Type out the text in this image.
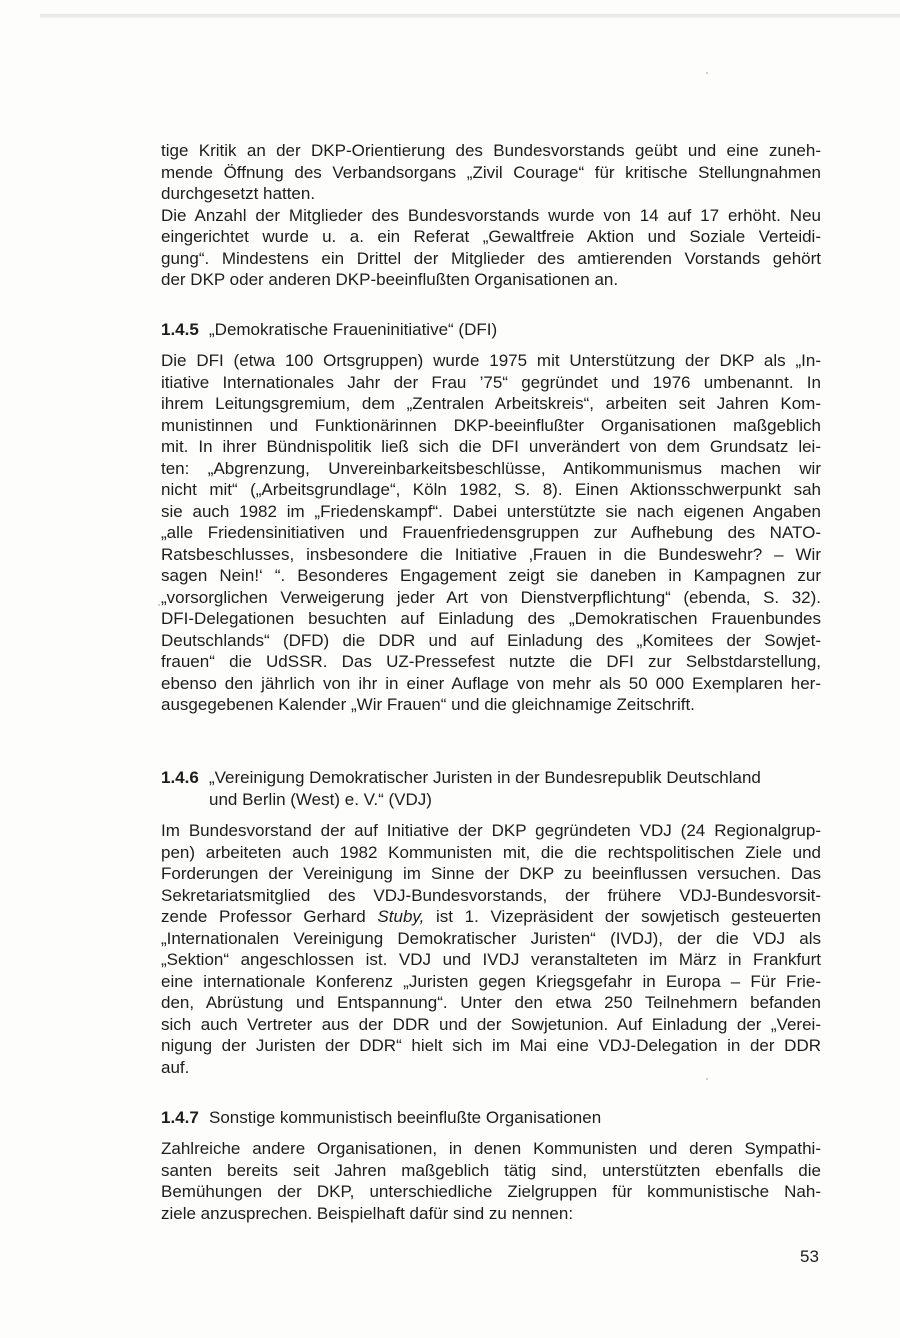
tige Kritik an der DKP-Orientierung des Bundesvorstands geübt und eine zuneh-
mende Öffnung des Verbandsorgans „Zivil Courage“ für kritische Stellungnahmen
durchgesetzt hatten.
Die Anzahl der Mitglieder des Bundesvorstands wurde von 14 auf 17 erhöht. Neu
eingerichtet wurde u. a. ein Referat „Gewaltfreie Aktion und Soziale Verteidi-
gung“. Mindestens ein Drittel der Mitglieder des amtierenden Vorstands gehört
der DKP oder anderen DKP-beeinflußten Organisationen an.
1.4.5 „Demokratische Fraueninitiative“ (DFI)
Die DFI (etwa 100 Ortsgruppen) wurde 1975 mit Unterstützung der DKP als „In-
itiative Internationales Jahr der Frau ’75“ gegründet und 1976 umbenannt. In
ihrem Leitungsgremium, dem „Zentralen Arbeitskreis“, arbeiten seit Jahren Kom-
munistinnen und Funktionärinnen DKP-beeinflußter Organisationen maßgeblich
mit. In ihrer Bündnispolitik ließ sich die DFI unverändert von dem Grundsatz lei-
ten: „Abgrenzung, Unvereinbarkeitsbeschlüsse, Antikommunismus machen wir
nicht mit“ („Arbeitsgrundlage“, Köln 1982, S. 8). Einen Aktionsschwerpunkt sah
sie auch 1982 im „Friedenskampf“. Dabei unterstützte sie nach eigenen Angaben
„alle Friedensinitiativen und Frauenfriedensgruppen zur Aufhebung des NATO-
Ratsbeschlusses, insbesondere die Initiative ‚Frauen in die Bundeswehr? – Wir
sagen Nein!‘ “. Besonderes Engagement zeigt sie daneben in Kampagnen zur
„vorsorglichen Verweigerung jeder Art von Dienstverpflichtung“ (ebenda, S. 32).
DFI-Delegationen besuchten auf Einladung des „Demokratischen Frauenbundes
Deutschlands“ (DFD) die DDR und auf Einladung des „Komitees der Sowjet-
frauen“ die UdSSR. Das UZ-Pressefest nutzte die DFI zur Selbstdarstellung,
ebenso den jährlich von ihr in einer Auflage von mehr als 50 000 Exemplaren her-
ausgegebenen Kalender „Wir Frauen“ und die gleichnamige Zeitschrift.
1.4.6 „Vereinigung Demokratischer Juristen in der Bundesrepublik Deutschland
und Berlin (West) e. V.“ (VDJ)
Im Bundesvorstand der auf Initiative der DKP gegründeten VDJ (24 Regionalgrup-
pen) arbeiteten auch 1982 Kommunisten mit, die die rechtspolitischen Ziele und
Forderungen der Vereinigung im Sinne der DKP zu beeinflussen versuchen. Das
Sekretariatsmitglied des VDJ-Bundesvorstands, der frühere VDJ-Bundesvorsit-
zende Professor Gerhard Stuby, ist 1. Vizepräsident der sowjetisch gesteuerten
„Internationalen Vereinigung Demokratischer Juristen“ (IVDJ), der die VDJ als
„Sektion“ angeschlossen ist. VDJ und IVDJ veranstalteten im März in Frankfurt
eine internationale Konferenz „Juristen gegen Kriegsgefahr in Europa – Für Frie-
den, Abrüstung und Entspannung“. Unter den etwa 250 Teilnehmern befanden
sich auch Vertreter aus der DDR und der Sowjetunion. Auf Einladung der „Verei-
nigung der Juristen der DDR“ hielt sich im Mai eine VDJ-Delegation in der DDR
auf.
1.4.7 Sonstige kommunistisch beeinflußte Organisationen
Zahlreiche andere Organisationen, in denen Kommunisten und deren Sympathi-
santen bereits seit Jahren maßgeblich tätig sind, unterstützten ebenfalls die
Bemühungen der DKP, unterschiedliche Zielgruppen für kommunistische Nah-
ziele anzusprechen. Beispielhaft dafür sind zu nennen:
53
